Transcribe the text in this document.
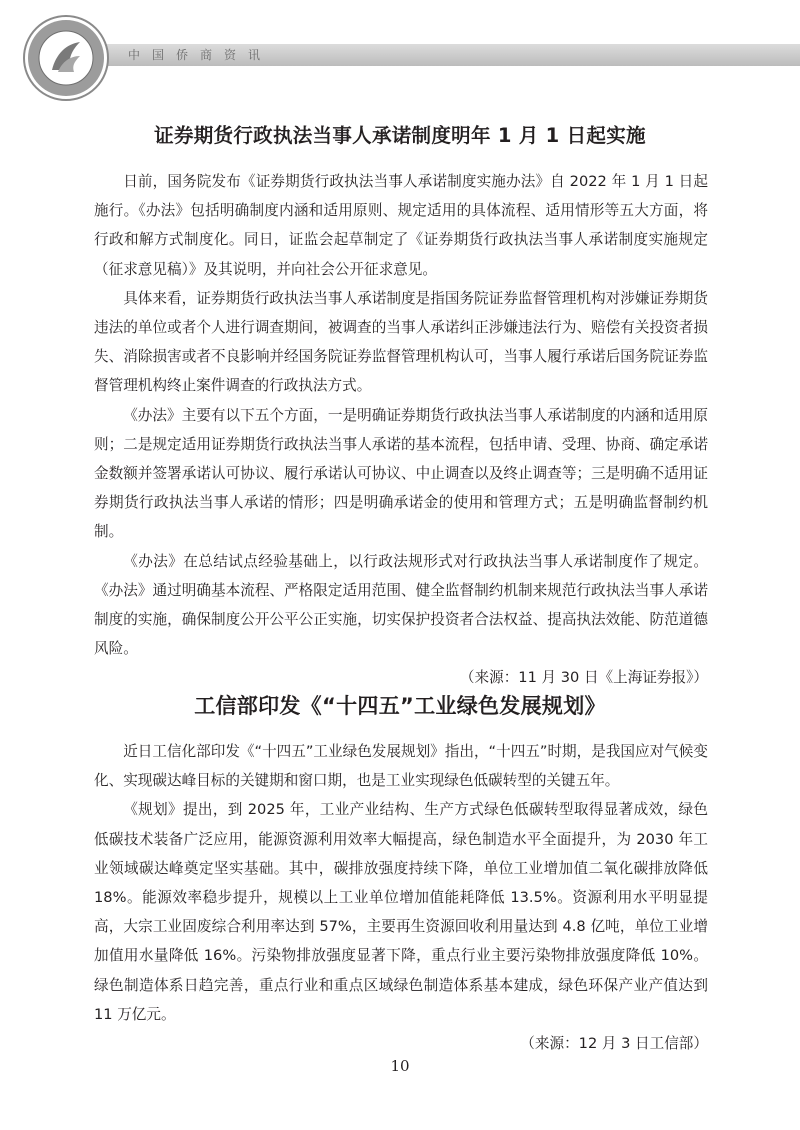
中国侨商资讯
证券期货行政执法当事人承诺制度明年 1 月 1 日起实施

日前，国务院发布《证券期货行政执法当事人承诺制度实施办法》自 2022 年 1 月 1 日起施行。《办法》包括明确制度内涵和适用原则、规定适用的具体流程、适用情形等五大方面，将行政和解方式制度化。同日，证监会起草制定了《证券期货行政执法当事人承诺制度实施规定（征求意见稿）》及其说明，并向社会公开征求意见。

具体来看，证券期货行政执法当事人承诺制度是指国务院证券监督管理机构对涉嫌证券期货违法的单位或者个人进行调查期间，被调查的当事人承诺纠正涉嫌违法行为、赔偿有关投资者损失、消除损害或者不良影响并经国务院证券监督管理机构认可，当事人履行承诺后国务院证券监督管理机构终止案件调查的行政执法方式。

《办法》主要有以下五个方面，一是明确证券期货行政执法当事人承诺制度的内涵和适用原则；二是规定适用证券期货行政执法当事人承诺的基本流程，包括申请、受理、协商、确定承诺金数额并签署承诺认可协议、履行承诺认可协议、中止调查以及终止调查等；三是明确不适用证券期货行政执法当事人承诺的情形；四是明确承诺金的使用和管理方式；五是明确监督制约机制。

《办法》在总结试点经验基础上，以行政法规形式对行政执法当事人承诺制度作了规定。《办法》通过明确基本流程、严格限定适用范围、健全监督制约机制来规范行政执法当事人承诺制度的实施，确保制度公开公平公正实施，切实保护投资者合法权益、提高执法效能、防范道德风险。

（来源：11 月 30 日《上海证券报》）

工信部印发《“十四五”工业绿色发展规划》

近日工信化部印发《“十四五”工业绿色发展规划》指出，“十四五”时期，是我国应对气候变化、实现碳达峰目标的关键期和窗口期，也是工业实现绿色低碳转型的关键五年。

《规划》提出，到 2025 年，工业产业结构、生产方式绿色低碳转型取得显著成效，绿色低碳技术装备广泛应用，能源资源利用效率大幅提高，绿色制造水平全面提升，为 2030 年工业领域碳达峰奠定坚实基础。其中，碳排放强度持续下降，单位工业增加值二氧化碳排放降低 18%。能源效率稳步提升，规模以上工业单位增加值能耗降低 13.5%。资源利用水平明显提高，大宗工业固废综合利用率达到 57%，主要再生资源回收利用量达到 4.8 亿吨，单位工业增加值用水量降低 16%。污染物排放强度显著下降，重点行业主要污染物排放强度降低 10%。绿色制造体系日趋完善，重点行业和重点区域绿色制造体系基本建成，绿色环保产业产值达到 11 万亿元。

（来源：12 月 3 日工信部）

10
